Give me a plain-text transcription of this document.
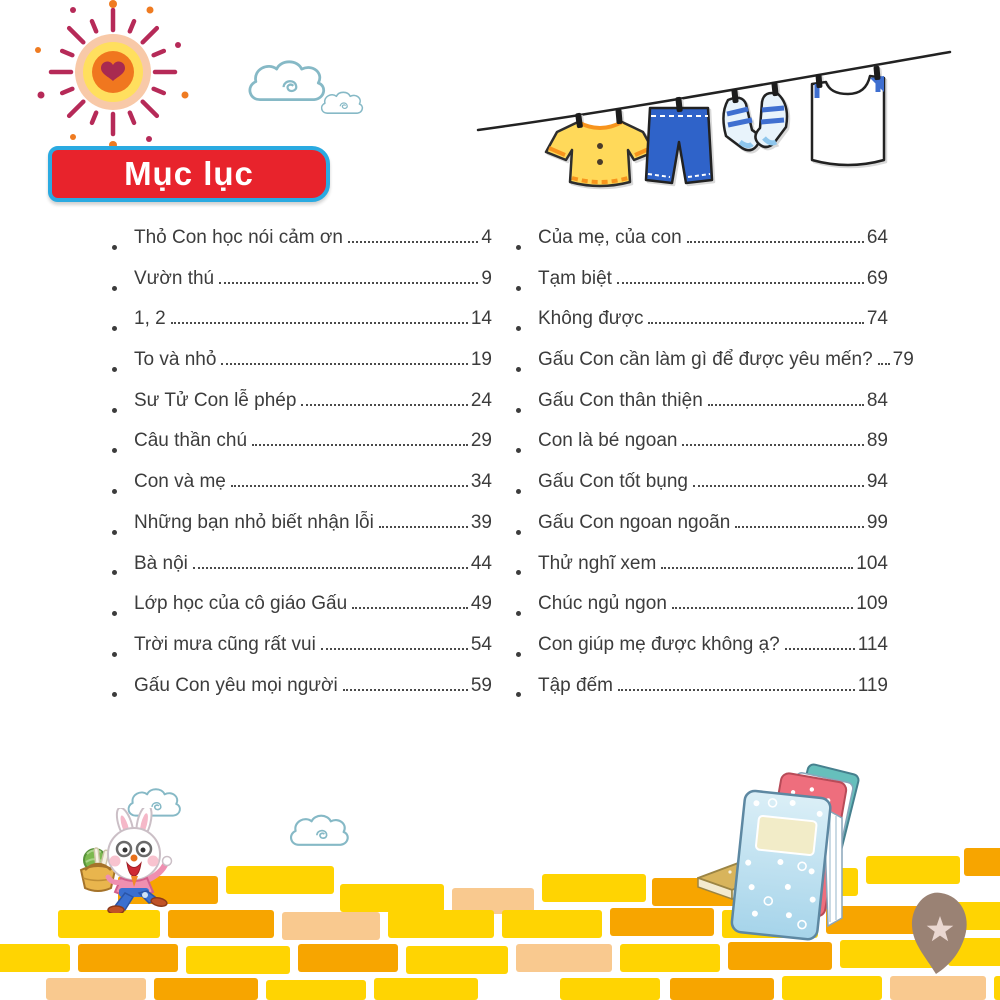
Mục lục
Thỏ Con học nói cảm ơn	4
Vườn thú	9
1, 2	14
To và nhỏ	19
Sư Tử Con lễ phép	24
Câu thần chú	29
Con và mẹ	34
Những bạn nhỏ biết nhận lỗi	39
Bà nội	44
Lớp học của cô giáo Gấu	49
Trời mưa cũng rất vui	54
Gấu Con yêu mọi người	59
Của mẹ, của con	64
Tạm biệt	69
Không được	74
Gấu Con cần làm gì để được yêu mến? 79
Gấu Con thân thiện	84
Con là bé ngoan	89
Gấu Con tốt bụng	94
Gấu Con ngoan ngoãn	99
Thử nghĩ xem	104
Chúc ngủ ngon	109
Con giúp mẹ được không ạ?	114
Tập đếm	119
